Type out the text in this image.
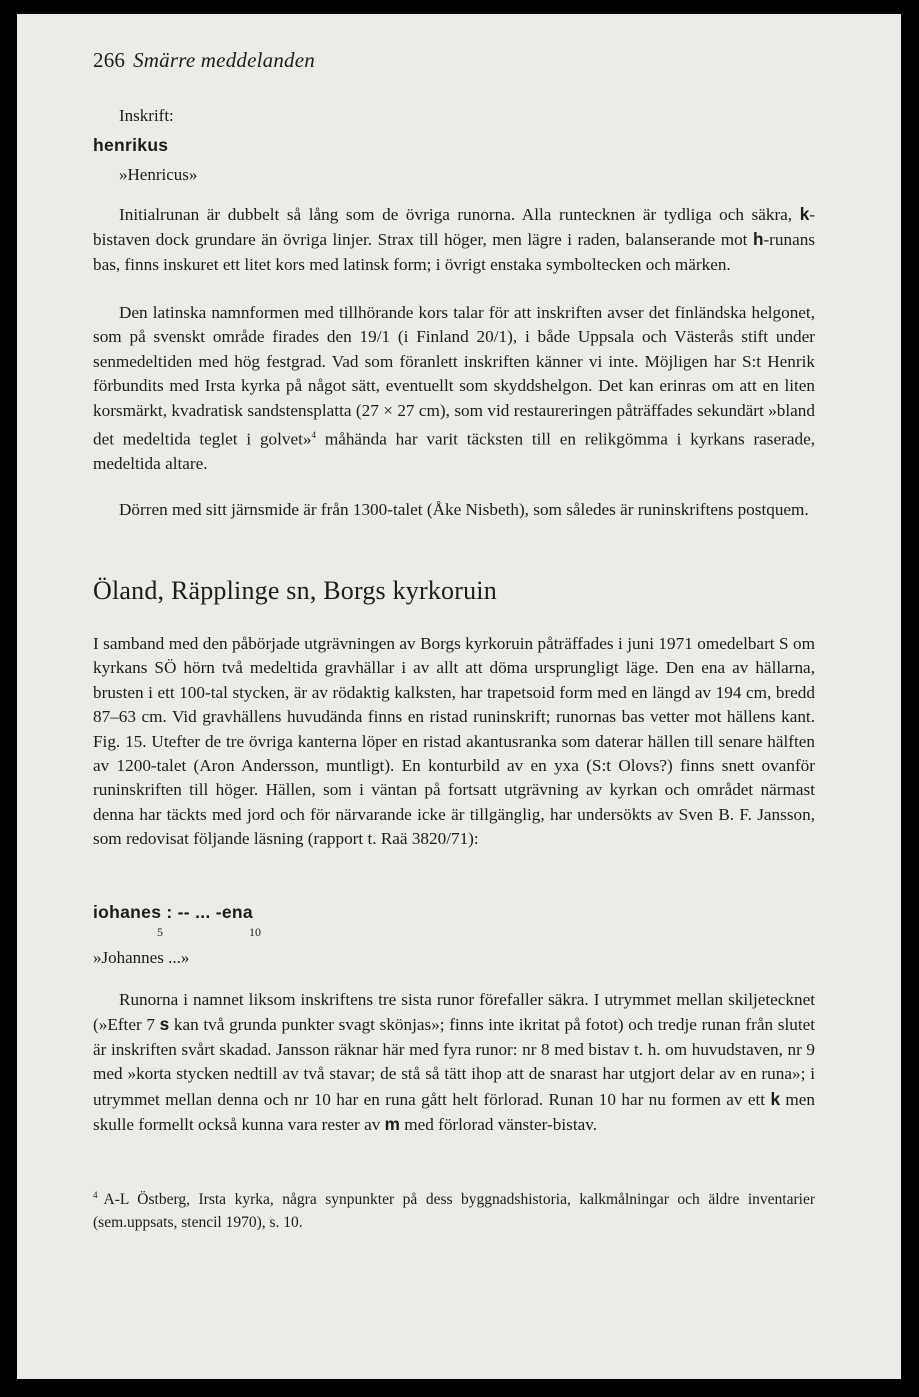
266 Smärre meddelanden
Inskrift:
henrikus
»Henricus»

Initialrunan är dubbelt så lång som de övriga runorna. Alla runtecknen är tydliga och säkra, k-bistaven dock grundare än övriga linjer. Strax till höger, men lägre i raden, balanserande mot h-runans bas, finns inskuret ett litet kors med latinsk form; i övrigt enstaka symboltecken och märken.

Den latinska namnformen med tillhörande kors talar för att inskriften avser det finländska helgonet, som på svenskt område firades den 19/1 (i Finland 20/1), i både Uppsala och Västerås stift under senmedeltiden med hög festgrad. Vad som föranlett inskriften känner vi inte. Möjligen har S:t Henrik förbundits med Irsta kyrka på något sätt, eventuellt som skyddshelgon. Det kan erinras om att en liten korsmärkt, kvadratisk sandstensplatta (27 × 27 cm), som vid restaureringen påträffades sekundärt »bland det medeltida teglet i golvet»$^4$ måhända har varit täcksten till en relikgömma i kyrkans raserade, medeltida altare.

Dörren med sitt järnsmide är från 1300-talet (Åke Nisbeth), som således är runinskriftens postquem.

Öland, Räpplinge sn, Borgs kyrkoruin

I samband med den påbörjade utgrävningen av Borgs kyrkoruin påträffades i juni 1971 omedelbart S om kyrkans SÖ hörn två medeltida gravhällar i av allt att döma ursprungligt läge. Den ena av hällarna, brusten i ett 100-tal stycken, är av rödaktig kalksten, har trapetsoid form med en längd av 194 cm, bredd 87–63 cm. Vid gravhällens huvudända finns en ristad runinskrift; runornas bas vetter mot hällens kant. Fig. 15. Utefter de tre övriga kanterna löper en ristad akantusranka som daterar hällen till senare hälften av 1200-talet (Aron Andersson, muntligt). En konturbild av en yxa (S:t Olovs?) finns snett ovanför runinskriften till höger. Hällen, som i väntan på fortsatt utgrävning av kyrkan och området närmast denna har täckts med jord och för närvarande icke är tillgänglig, har undersökts av Sven B. F. Jansson, som redovisat följande läsning (rapport t. Raä 3820/71):

iohanes : -- ... -ena
5	10
»Johannes ...»

Runorna i namnet liksom inskriftens tre sista runor förefaller säkra. I utrymmet mellan skiljetecknet (»Efter 7 s kan två grunda punkter svagt skönjas»; finns inte ikritat på fotot) och tredje runan från slutet är inskriften svårt skadad. Jansson räknar här med fyra runor: nr 8 med bistav t. h. om huvudstaven, nr 9 med »korta stycken nedtill av två stavar; de stå så tätt ihop att de snarast har utgjort delar av en runa»; i utrymmet mellan denna och nr 10 har en runa gått helt förlorad. Runan 10 har nu formen av ett k men skulle formellt också kunna vara rester av m med förlorad vänster-bistav.

$^4$ A-L Östberg, Irsta kyrka, några synpunkter på dess byggnadshistoria, kalkmålningar och äldre inventarier (sem.uppsats, stencil 1970), s. 10.
